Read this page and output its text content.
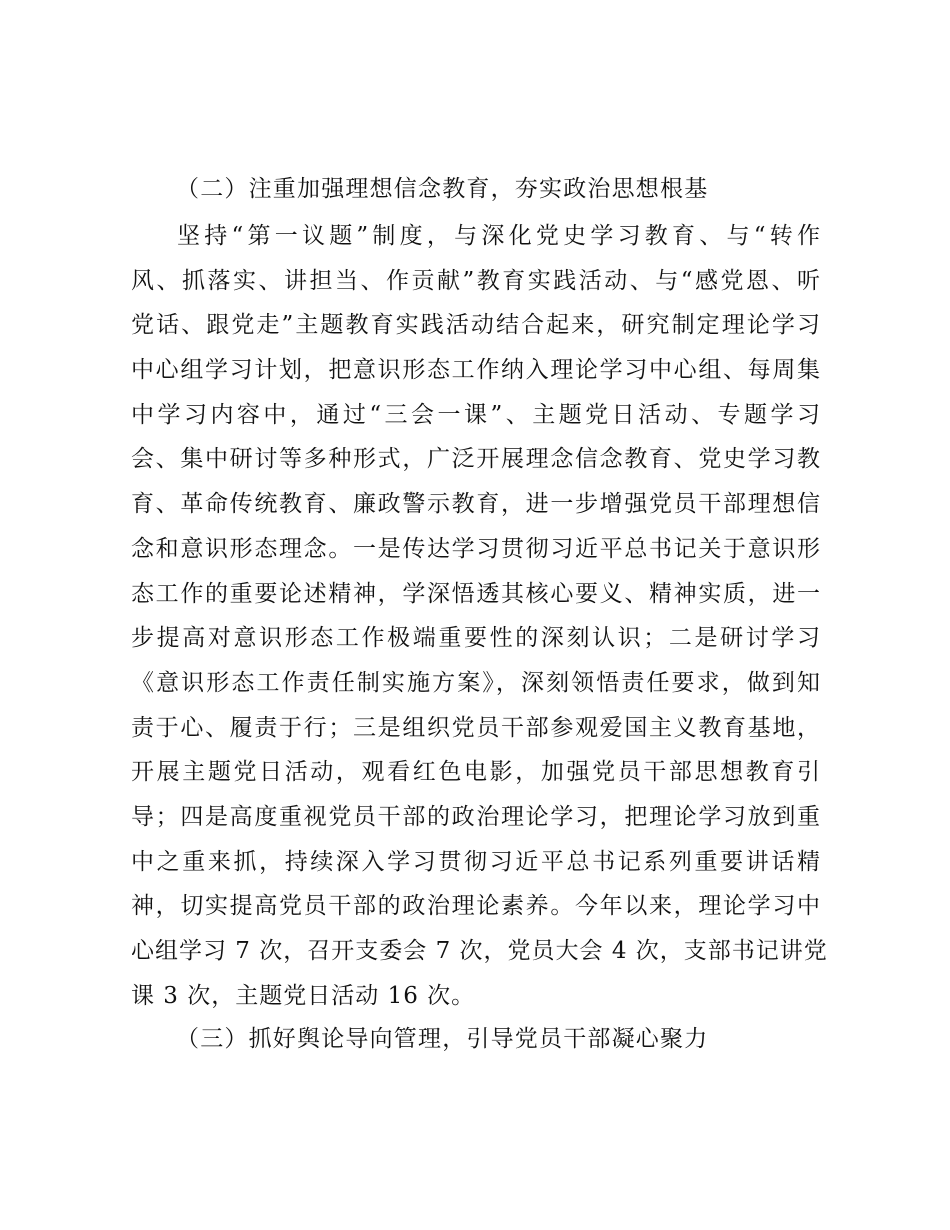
（二）注重加强理想信念教育，夯实政治思想根基
坚持“第一议题”制度，与深化党史学习教育、与“转作
风、抓落实、讲担当、作贡献”教育实践活动、与“感党恩、听
党话、跟党走”主题教育实践活动结合起来，研究制定理论学习
中心组学习计划，把意识形态工作纳入理论学习中心组、每周集
中学习内容中，通过“三会一课”、主题党日活动、专题学习
会、集中研讨等多种形式，广泛开展理念信念教育、党史学习教
育、革命传统教育、廉政警示教育，进一步增强党员干部理想信
念和意识形态理念。一是传达学习贯彻习近平总书记关于意识形
态工作的重要论述精神，学深悟透其核心要义、精神实质，进一
步提高对意识形态工作极端重要性的深刻认识；二是研讨学习
《意识形态工作责任制实施方案》，深刻领悟责任要求，做到知
责于心、履责于行；三是组织党员干部参观爱国主义教育基地，
开展主题党日活动，观看红色电影，加强党员干部思想教育引
导；四是高度重视党员干部的政治理论学习，把理论学习放到重
中之重来抓，持续深入学习贯彻习近平总书记系列重要讲话精
神，切实提高党员干部的政治理论素养。今年以来，理论学习中
心组学习 7 次，召开支委会 7 次，党员大会 4 次，支部书记讲党
课 3 次，主题党日活动 16 次。
（三）抓好舆论导向管理，引导党员干部凝心聚力
